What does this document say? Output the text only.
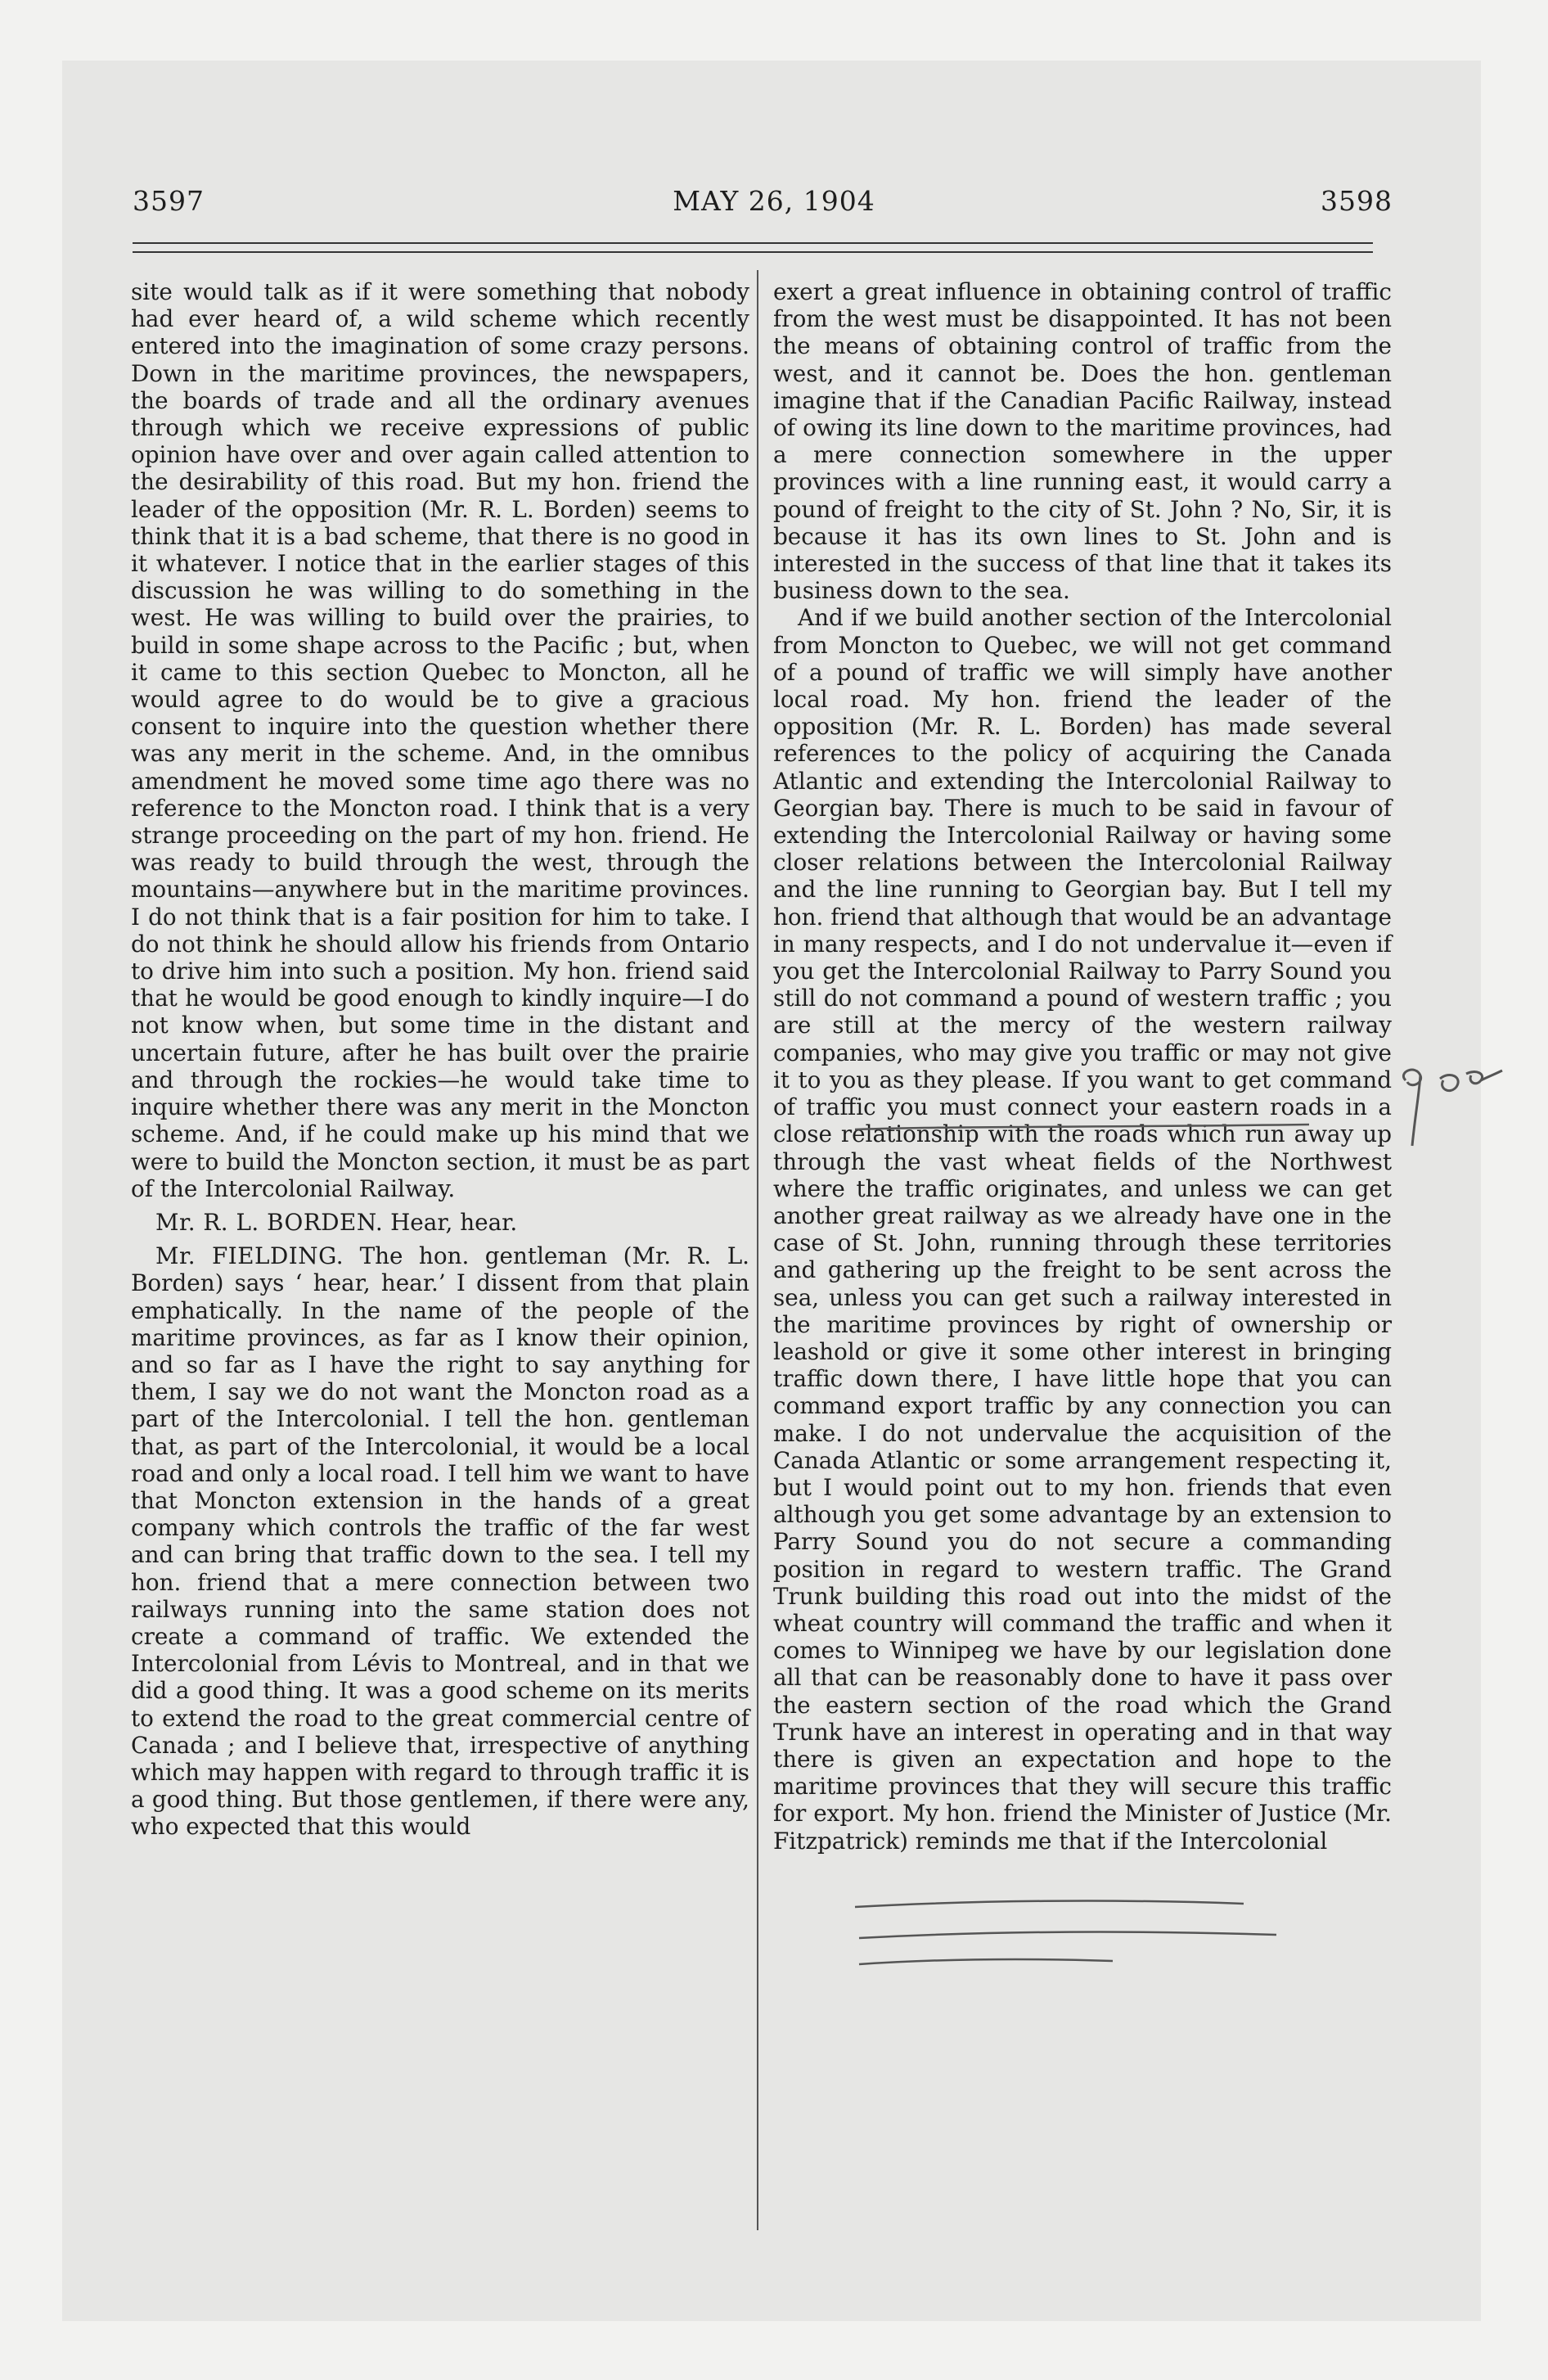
3597	MAY 26, 1904	3598

site would talk as if it were something that nobody had ever heard of, a wild scheme which recently entered into the imagination of some crazy persons. Down in the maritime provinces, the newspapers, the boards of trade and all the ordinary avenues through which we receive expressions of public opinion have over and over again called attention to the desirability of this road. But my hon. friend the leader of the opposition (Mr. R. L. Borden) seems to think that it is a bad scheme, that there is no good in it whatever. I notice that in the earlier stages of this discussion he was willing to do something in the west. He was willing to build over the prairies, to build in some shape across to the Pacific ; but, when it came to this section Quebec to Moncton, all he would agree to do would be to give a gracious consent to inquire into the question whether there was any merit in the scheme. And, in the omnibus amendment he moved some time ago there was no reference to the Moncton road. I think that is a very strange proceeding on the part of my hon. friend. He was ready to build through the west, through the mountains—anywhere but in the maritime provinces. I do not think that is a fair position for him to take. I do not think he should allow his friends from Ontario to drive him into such a position. My hon. friend said that he would be good enough to kindly inquire—I do not know when, but some time in the distant and uncertain future, after he has built over the prairie and through the rockies—he would take time to inquire whether there was any merit in the Moncton scheme. And, if he could make up his mind that we were to build the Moncton section, it must be as part of the Intercolonial Railway.

Mr. R. L. BORDEN. Hear, hear.

Mr. FIELDING. The hon. gentleman (Mr. R. L. Borden) says ‘ hear, hear.’ I dissent from that plain emphatically. In the name of the people of the maritime provinces, as far as I know their opinion, and so far as I have the right to say anything for them, I say we do not want the Moncton road as a part of the Intercolonial. I tell the hon. gentleman that, as part of the Intercolonial, it would be a local road and only a local road. I tell him we want to have that Moncton extension in the hands of a great company which controls the traffic of the far west and can bring that traffic down to the sea. I tell my hon. friend that a mere connection between two railways running into the same station does not create a command of traffic. We extended the Intercolonial from Lévis to Montreal, and in that we did a good thing. It was a good scheme on its merits to extend the road to the great commercial centre of Canada ; and I believe that, irrespective of anything which may happen with regard to through traffic it is a good thing. But those gentlemen, if there were any, who expected that this would

exert a great influence in obtaining control of traffic from the west must be disappointed. It has not been the means of obtaining control of traffic from the west, and it cannot be. Does the hon. gentleman imagine that if the Canadian Pacific Railway, instead of owing its line down to the maritime provinces, had a mere connection somewhere in the upper provinces with a line running east, it would carry a pound of freight to the city of St. John ? No, Sir, it is because it has its own lines to St. John and is interested in the success of that line that it takes its business down to the sea.

And if we build another section of the Intercolonial from Moncton to Quebec, we will not get command of a pound of traffic we will simply have another local road. My hon. friend the leader of the opposition (Mr. R. L. Borden) has made several references to the policy of acquiring the Canada Atlantic and extending the Intercolonial Railway to Georgian bay. There is much to be said in favour of extending the Intercolonial Railway or having some closer relations between the Intercolonial Railway and the line running to Georgian bay. But I tell my hon. friend that although that would be an advantage in many respects, and I do not undervalue it—even if you get the Intercolonial Railway to Parry Sound you still do not command a pound of western traffic ; you are still at the mercy of the western railway companies, who may give you traffic or may not give it to you as they please. If you want to get command of traffic you must connect your eastern roads in a close relationship with the roads which run away up through the vast wheat fields of the Northwest where the traffic originates, and unless we can get another great railway as we already have one in the case of St. John, running through these territories and gathering up the freight to be sent across the sea, unless you can get such a railway interested in the maritime provinces by right of ownership or leashold or give it some other interest in bringing traffic down there, I have little hope that you can command export traffic by any connection you can make. I do not undervalue the acquisition of the Canada Atlantic or some arrangement respecting it, but I would point out to my hon. friends that even although you get some advantage by an extension to Parry Sound you do not secure a commanding position in regard to western traffic. The Grand Trunk building this road out into the midst of the wheat country will command the traffic and when it comes to Winnipeg we have by our legislation done all that can be reasonably done to have it pass over the eastern section of the road which the Grand Trunk have an interest in operating and in that way there is given an expectation and hope to the maritime provinces that they will secure this traffic for export. My hon. friend the Minister of Justice (Mr. Fitzpatrick) reminds me that if the Intercolonial
